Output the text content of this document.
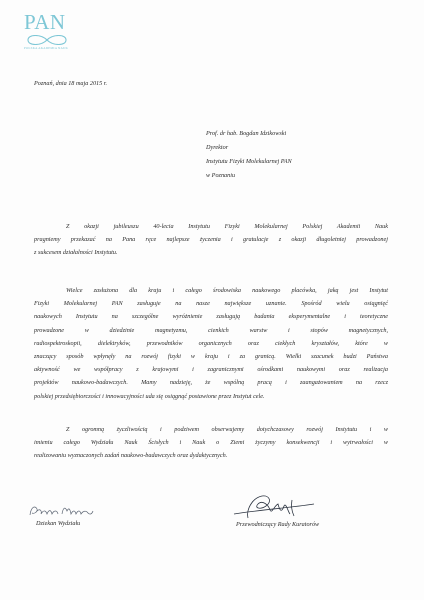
PAN
POLSKA AKADEMIA NAUK
Poznań, dnia 18 maja 2015 r.
Prof. dr hab. Bogdan Idzikowski
Dyrektor
Instytutu Fizyki Molekularnej PAN
w Poznaniu
Z okazji jubileuszu 40-lecia Instytutu Fizyki Molekularnej Polskiej Akademii Nauk
pragniemy przekazać na Pana ręce najlepsze życzenia i gratulacje z okazji długoletniej prowadzonej
z sukcesem działalności Instytutu.
Wielce zasłużona dla kraju i całego środowiska naukowego placówka, jaką jest Instytut
Fizyki Molekularnej PAN zasługuje na nasze największe uznanie. Spośród wielu osiągnięć
naukowych Instytutu na szczególne wyróżnienie zasługują badania eksperymentalne i teoretyczne
prowadzone w dziedzinie magnetyzmu, cienkich warstw i stopów magnetycznych,
radiospektroskopii, dielektryków, przewodników organicznych oraz ciekłych kryształów, które w
znaczący sposób wpłynęły na rozwój fizyki w kraju i za granicą. Wielki szacunek budzi Państwa
aktywność we współpracy z krajowymi i zagranicznymi ośrodkami naukowymi oraz realizacja
projektów naukowo-badawczych. Mamy nadzieję, że wspólną pracą i zaangażowaniem na rzecz
polskiej przedsiębiorczości i innowacyjności uda się osiągnąć postawione przez Instytut cele.
Z ogromną życzliwością i podziwem obserwujemy dotychczasowy rozwój Instytutu i w
imieniu całego Wydziału Nauk Ścisłych i Nauk o Ziemi życzymy konsekwencji i wytrwałości w
realizowaniu wyznaczonych zadań naukowo-badawczych oraz dydaktycznych.
Dziekan Wydziału	Przewodniczący Rady Kuratorów
